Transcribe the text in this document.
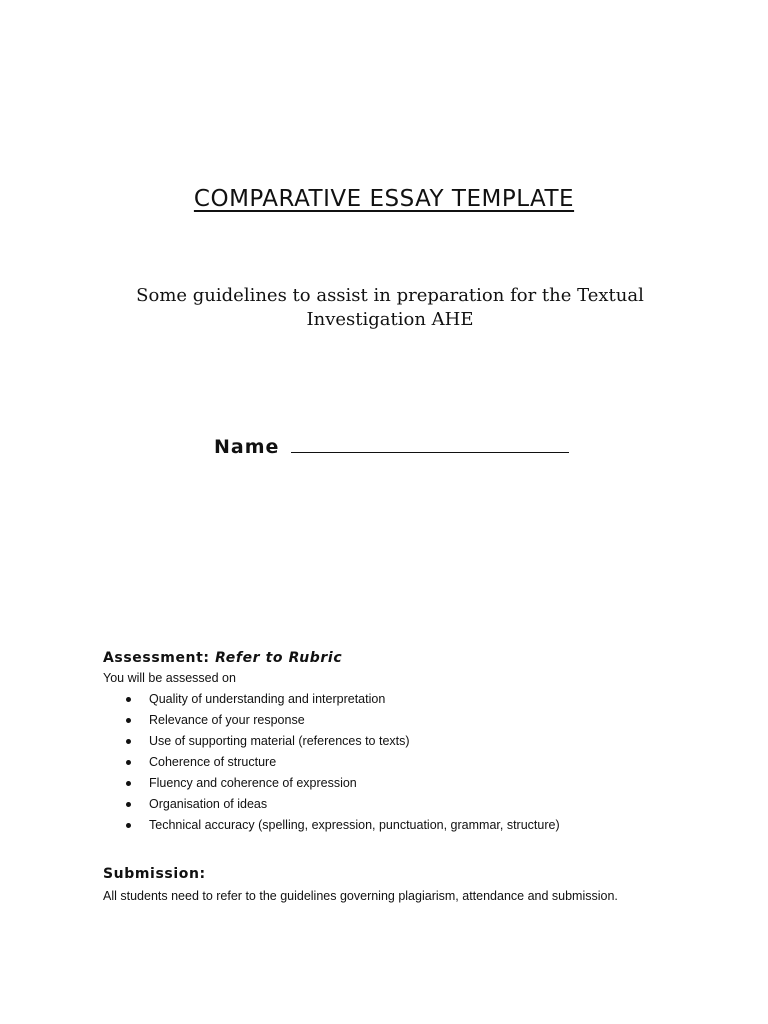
COMPARATIVE ESSAY TEMPLATE
Some guidelines to assist in preparation for the Textual
Investigation AHE
Name
Assessment: Refer to Rubric
You will be assessed on
Quality of understanding and interpretation
Relevance of your response
Use of supporting material (references to texts)
Coherence of structure
Fluency and coherence of expression
Organisation of ideas
Technical accuracy (spelling, expression, punctuation, grammar, structure)
Submission:
All students need to refer to the guidelines governing plagiarism, attendance and submission.
